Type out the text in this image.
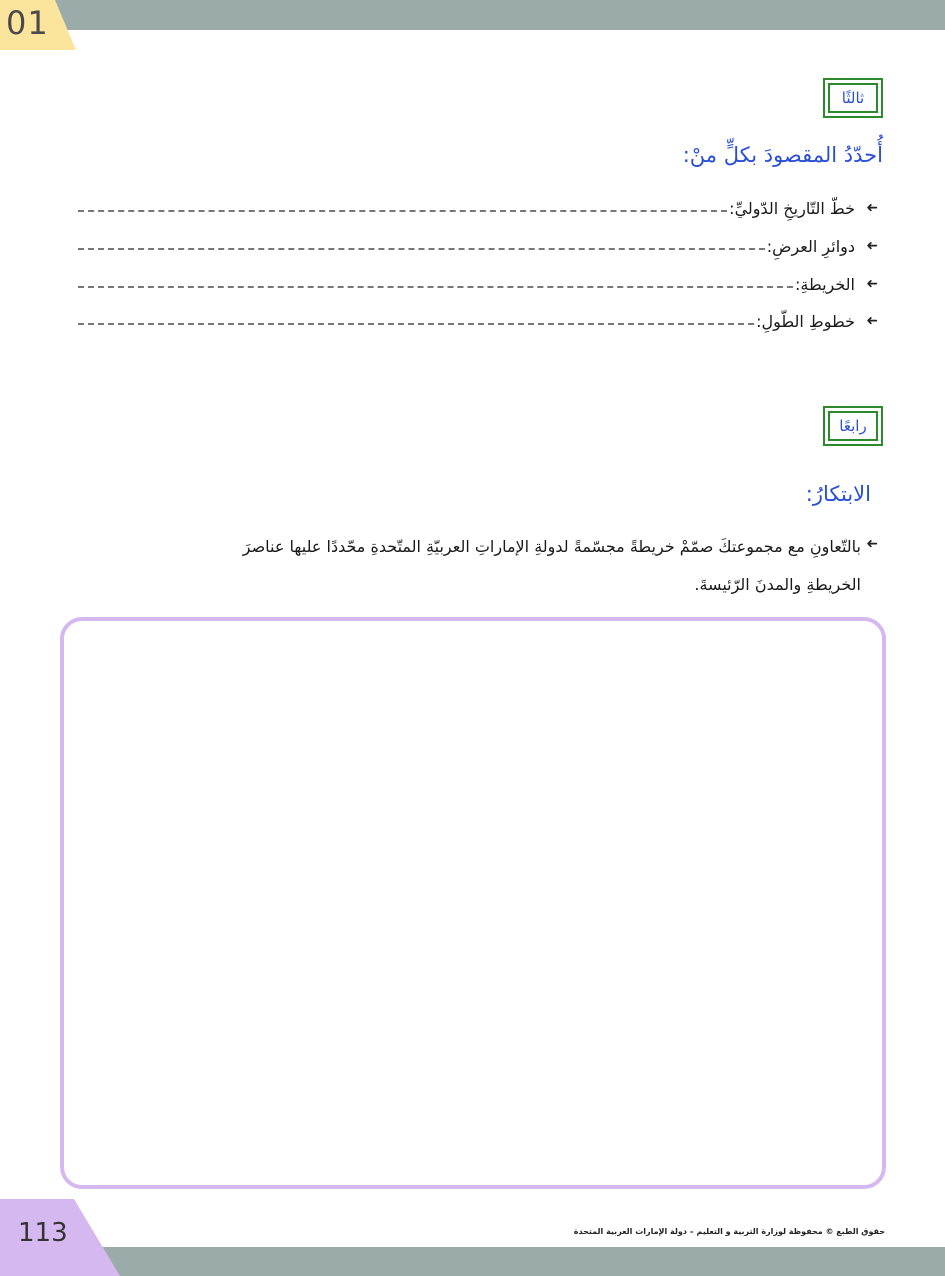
01
ثالثًا
أُحدّدُ المقصودَ بكلٍّ منْ:
➜
خطّ التّاريخِ الدّوليِّ:
➜
دوائرِ العرضِ:
➜
الخريطةِ:
➜
خطوطِ الطّولِ:
رابعًا
الابتكارُ:
➜
بالتّعاونِ مع مجموعتكَ صمّمْ خريطةً مجسّمةً لدولةِ الإماراتِ العربيّةِ المتّحدةِ محّددًا عليها عناصرَ
الخريطةِ والمدنَ الرّئيسةَ.
113	حقوق الطبع © محفوظة لوزارة التربية و التعليم – دولة الإمارات العربية المتحدة
